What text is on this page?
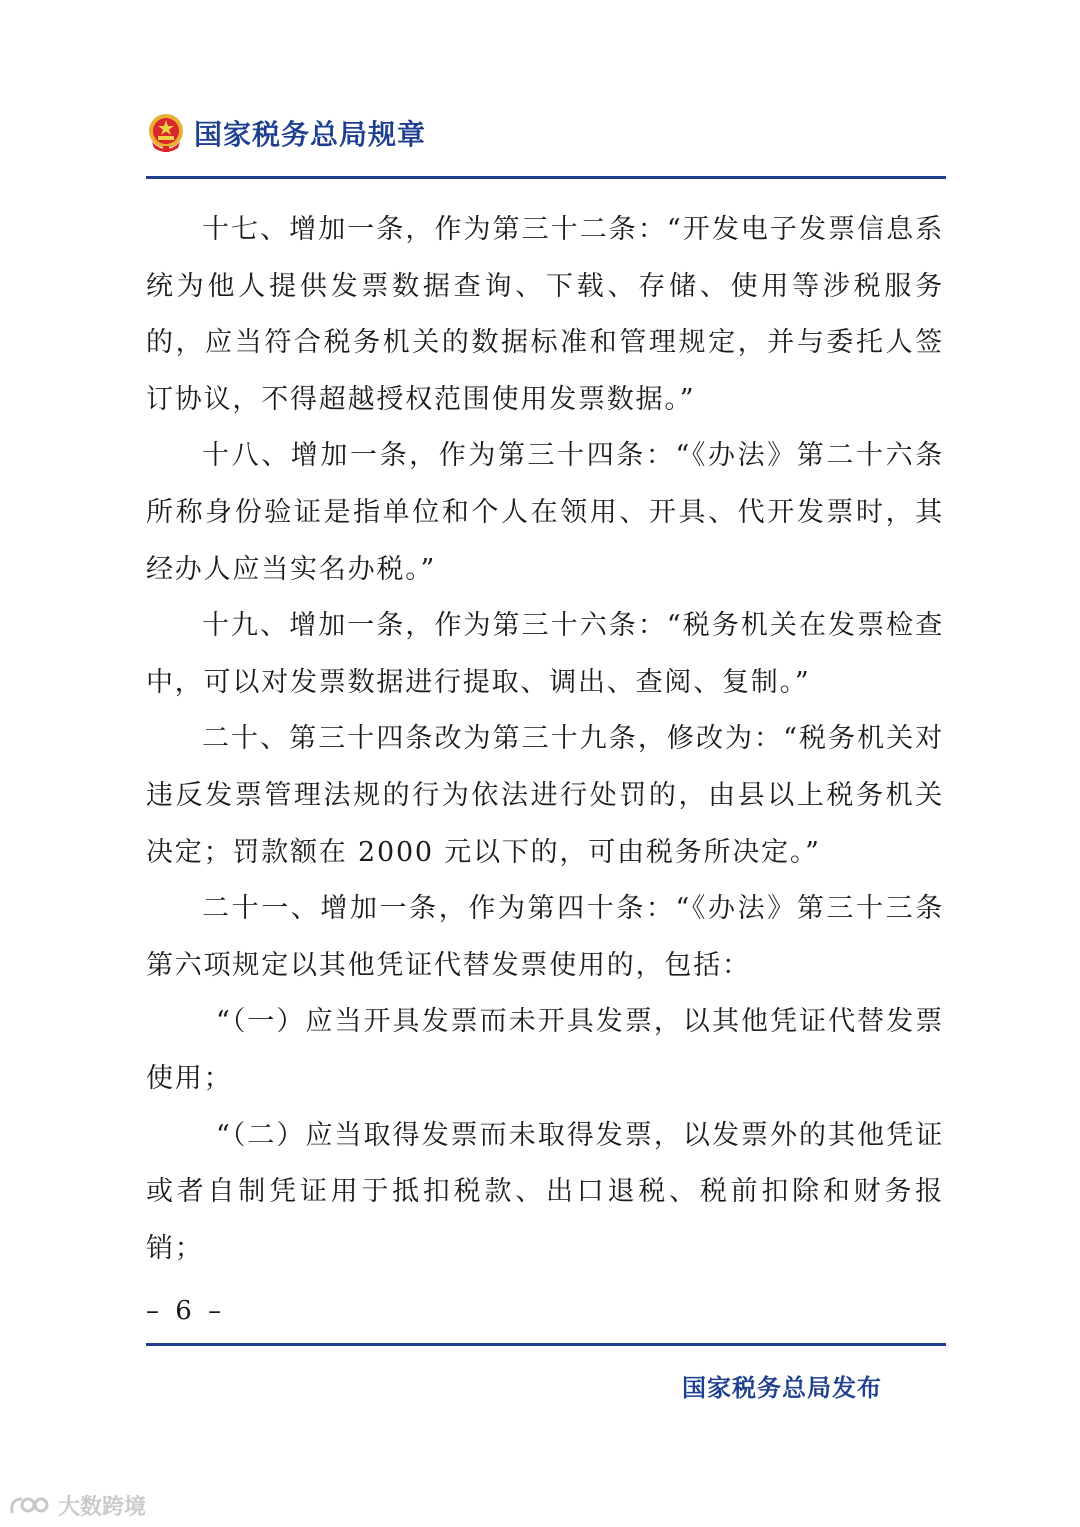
国家税务总局规章

十七、增加一条，作为第三十二条：“开发电子发票信息系统为他人提供发票数据查询、下载、存储、使用等涉税服务的，应当符合税务机关的数据标准和管理规定，并与委托人签订协议，不得超越授权范围使用发票数据。”

十八、增加一条，作为第三十四条：“《办法》第二十六条所称身份验证是指单位和个人在领用、开具、代开发票时，其经办人应当实名办税。”

十九、增加一条，作为第三十六条：“税务机关在发票检查中，可以对发票数据进行提取、调出、查阅、复制。”

二十、第三十四条改为第三十九条，修改为：“税务机关对违反发票管理法规的行为依法进行处罚的，由县以上税务机关决定；罚款额在 2000 元以下的，可由税务所决定。”

二十一、增加一条，作为第四十条：“《办法》第三十三条第六项规定以其他凭证代替发票使用的，包括：

“（一）应当开具发票而未开具发票，以其他凭证代替发票使用；

“（二）应当取得发票而未取得发票，以发票外的其他凭证或者自制凭证用于抵扣税款、出口退税、税前扣除和财务报销；

– 6 –
国家税务总局发布
大数跨境
